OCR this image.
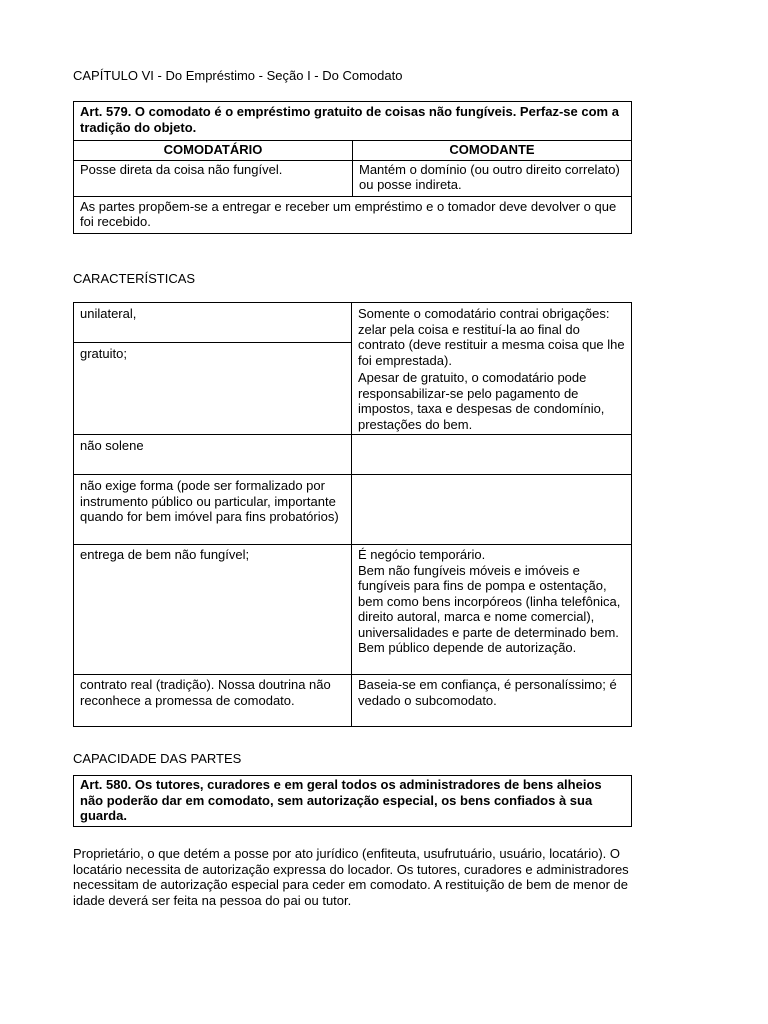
CAPÍTULO VI - Do Empréstimo - Seção I - Do Comodato
Art. 579. O comodato é o empréstimo gratuito de coisas não fungíveis. Perfaz-se com a tradição do objeto.	
COMODATÁRIO	COMODANTE
Posse direta da coisa não fungível.	Mantém o domínio (ou outro direito correlato) ou posse indireta.
As partes propõem-se a entregar e receber um empréstimo e o tomador deve devolver o que foi recebido.	
CARACTERÍSTICAS
unilateral,	Somente o comodatário contrai obrigações: zelar pela coisa e restituí-la ao final do contrato (deve restituir a mesma coisa que lhe foi emprestada).
Apesar de gratuito, o comodatário pode responsabilizar-se pelo pagamento de impostos, taxa e despesas de condomínio, prestações do bem.

gratuito;	
não solene	
não exige forma (pode ser formalizado por instrumento público ou particular, importante quando for bem imóvel para fins probatórios)	
entrega de bem não fungível;	É negócio temporário.
Bem não fungíveis móveis e imóveis e fungíveis para fins de pompa e ostentação, bem como bens incorpóreos (linha telefônica, direito autoral, marca e nome comercial), universalidades e parte de determinado bem. Bem público depende de autorização.

contrato real (tradição). Nossa doutrina não reconhece a promessa de comodato.	Baseia-se em confiança, é personalíssimo; é vedado o subcomodato.
CAPACIDADE DAS PARTES
Art. 580. Os tutores, curadores e em geral todos os administradores de bens alheios não poderão dar em comodato, sem autorização especial, os bens confiados à sua guarda.
Proprietário, o que detém a posse por ato jurídico (enfiteuta, usufrutuário, usuário, locatário). O locatário necessita de autorização expressa do locador. Os tutores, curadores e administradores necessitam de autorização especial para ceder em comodato. A restituição de bem de menor de idade deverá ser feita na pessoa do pai ou tutor.
